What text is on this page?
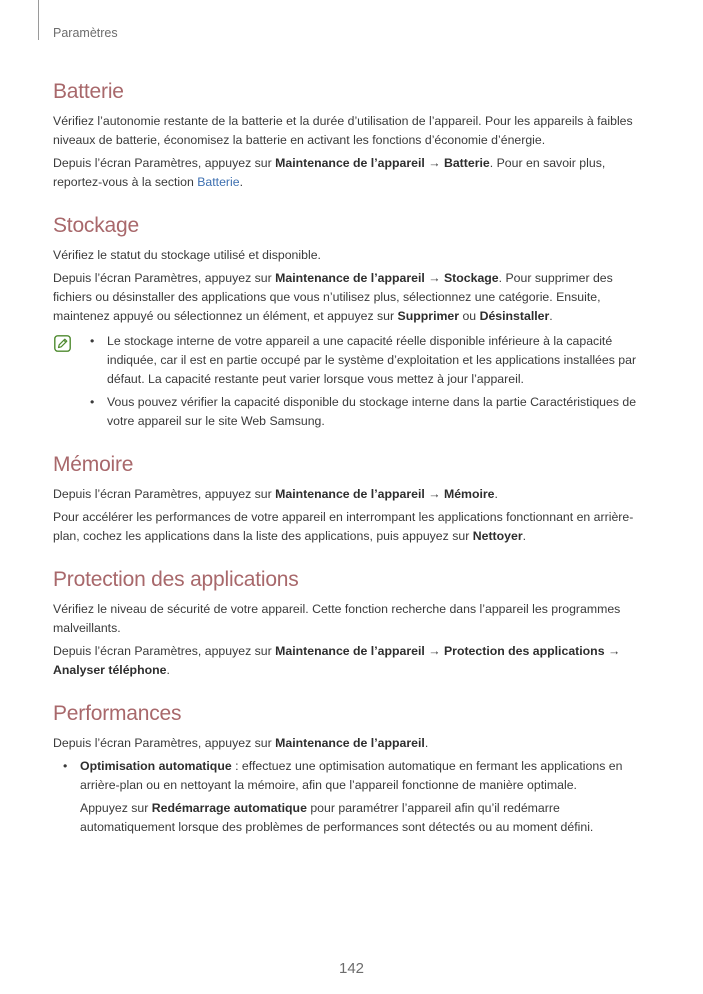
Paramètres
Batterie

Vérifiez l’autonomie restante de la batterie et la durée d’utilisation de l’appareil. Pour les appareils à faibles niveaux de batterie, économisez la batterie en activant les fonctions d’économie d’énergie.

Depuis l’écran Paramètres, appuyez sur Maintenance de l’appareil → Batterie. Pour en savoir plus, reportez-vous à la section Batterie.

Stockage

Vérifiez le statut du stockage utilisé et disponible.

Depuis l’écran Paramètres, appuyez sur Maintenance de l’appareil → Stockage. Pour supprimer des fichiers ou désinstaller des applications que vous n’utilisez plus, sélectionnez une catégorie. Ensuite, maintenez appuyé ou sélectionnez un élément, et appuyez sur Supprimer ou Désinstaller.

• Le stockage interne de votre appareil a une capacité réelle disponible inférieure à la capacité indiquée, car il est en partie occupé par le système d’exploitation et les applications installées par défaut. La capacité restante peut varier lorsque vous mettez à jour l’appareil.
• Vous pouvez vérifier la capacité disponible du stockage interne dans la partie Caractéristiques de votre appareil sur le site Web Samsung.
Mémoire

Depuis l’écran Paramètres, appuyez sur Maintenance de l’appareil → Mémoire.

Pour accélérer les performances de votre appareil en interrompant les applications fonctionnant en arrière-plan, cochez les applications dans la liste des applications, puis appuyez sur Nettoyer.

Protection des applications

Vérifiez le niveau de sécurité de votre appareil. Cette fonction recherche dans l’appareil les programmes malveillants.

Depuis l’écran Paramètres, appuyez sur Maintenance de l’appareil → Protection des applications → Analyser téléphone.

Performances

Depuis l’écran Paramètres, appuyez sur Maintenance de l’appareil.

• Optimisation automatique : effectuez une optimisation automatique en fermant les applications en arrière-plan ou en nettoyant la mémoire, afin que l’appareil fonctionne de manière optimale.

Appuyez sur Redémarrage automatique pour paramétrer l’appareil afin qu’il redémarre automatiquement lorsque des problèmes de performances sont détectés ou au moment défini.

142
